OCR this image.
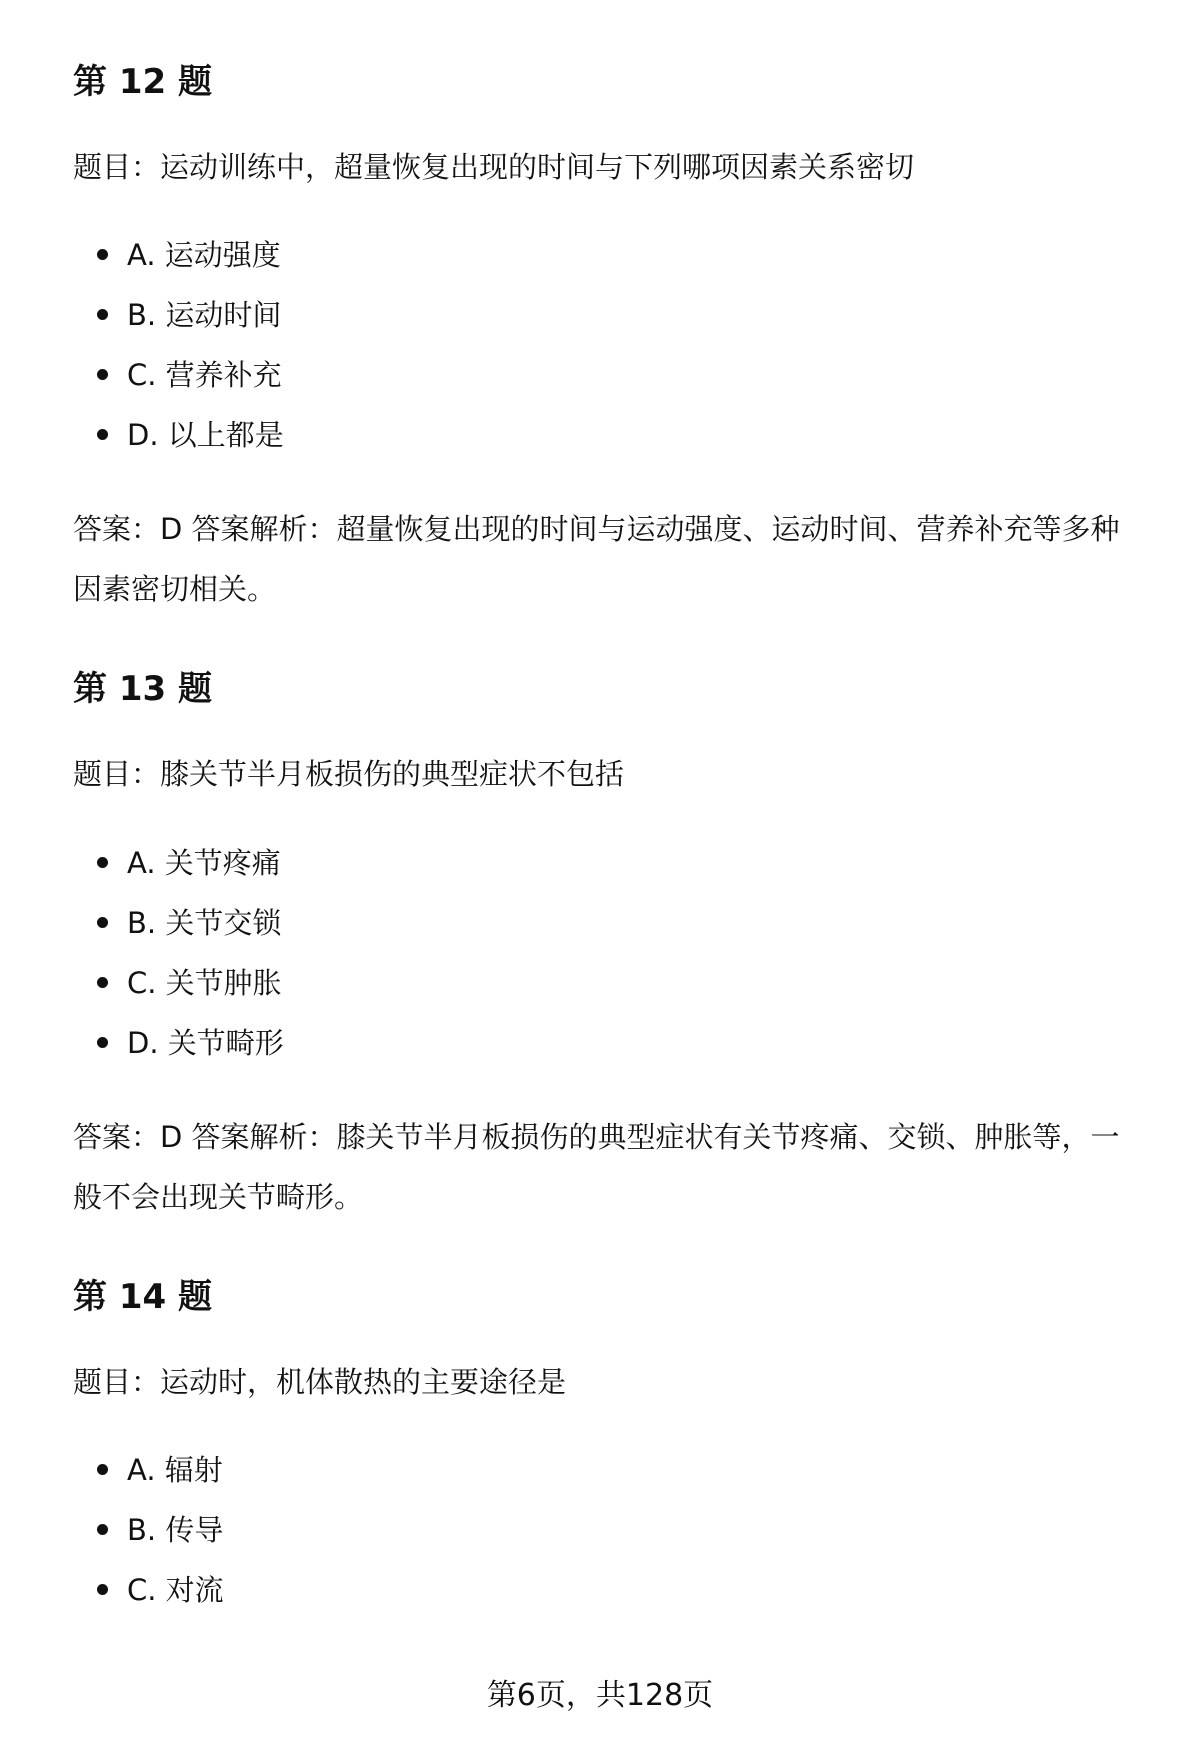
第 12 题

题目：运动训练中，超量恢复出现的时间与下列哪项因素关系密切

A. 运动强度
B. 运动时间
C. 营养补充
D. 以上都是

答案：D 答案解析：超量恢复出现的时间与运动强度、运动时间、营养补充等多种因素密切相关。

第 13 题

题目：膝关节半月板损伤的典型症状不包括

A. 关节疼痛
B. 关节交锁
C. 关节肿胀
D. 关节畸形

答案：D 答案解析：膝关节半月板损伤的典型症状有关节疼痛、交锁、肿胀等，一般不会出现关节畸形。

第 14 题

题目：运动时，机体散热的主要途径是

A. 辐射
B. 传导
C. 对流
第6页，共128页
